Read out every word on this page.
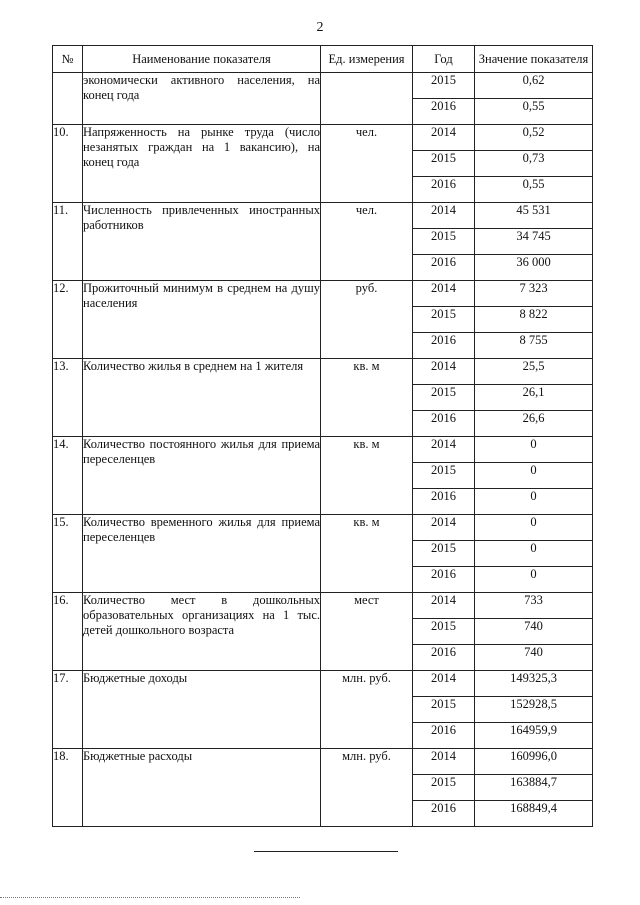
2
№	Наименование показателя	Ед. измерения	Год	Значение показателя
	экономически активного населения, на конец года		2015	0,62
			2016	0,55
10.	Напряженность на рынке труда (число незанятых граждан на 1 вакансию), на конец года	чел.	2014	0,52
			2015	0,73
			2016	0,55
11.	Численность привлеченных иностранных работников	чел.	2014	45 531
			2015	34 745
			2016	36 000
12.	Прожиточный минимум в среднем на душу населения	руб.	2014	7 323
			2015	8 822
			2016	8 755
13.	Количество жилья в среднем на 1 жителя	кв. м	2014	25,5
			2015	26,1
			2016	26,6
14.	Количество постоянного жилья для приема переселенцев	кв. м	2014	0
			2015	0
			2016	0
15.	Количество временного жилья для приема переселенцев	кв. м	2014	0
			2015	0
			2016	0
16.	Количество мест в дошкольных образовательных организациях на 1 тыс. детей дошкольного возраста	мест	2014	733
			2015	740
			2016	740
17.	Бюджетные доходы	млн. руб.	2014	149325,3
			2015	152928,5
			2016	164959,9
18.	Бюджетные расходы	млн. руб.	2014	160996,0
			2015	163884,7
			2016	168849,4
